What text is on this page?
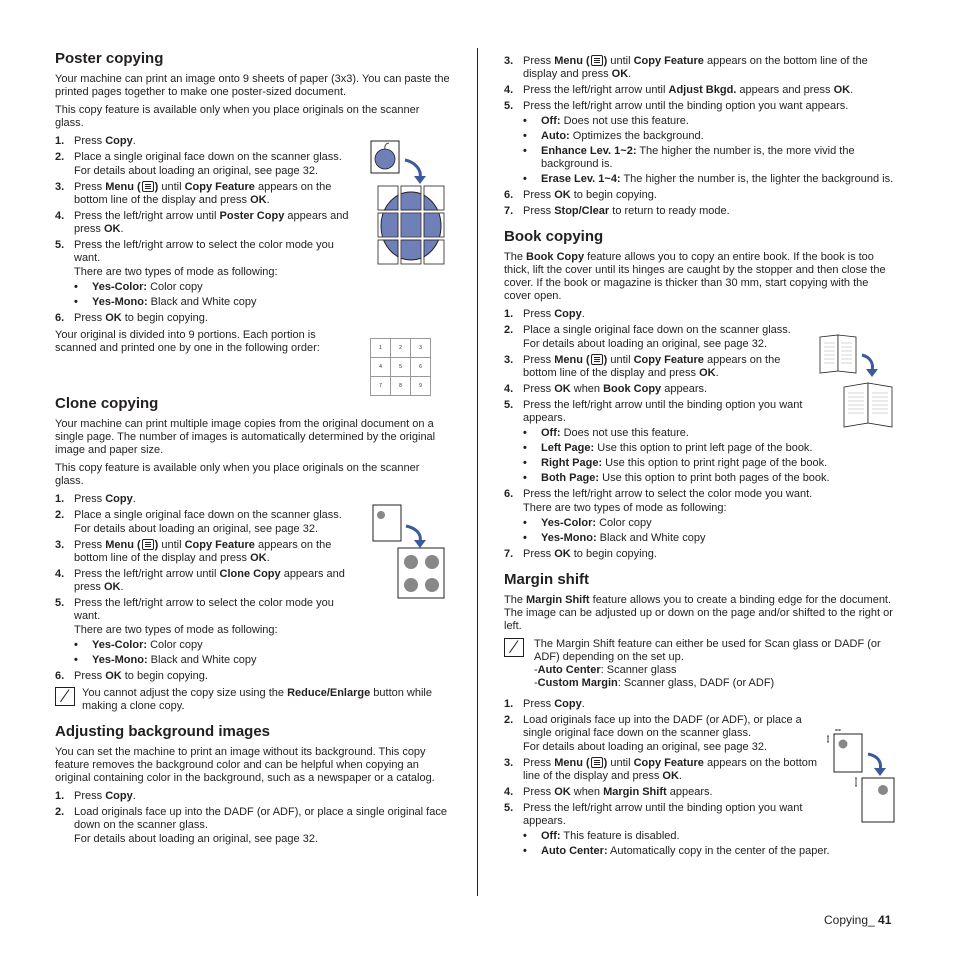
Poster copying

Your machine can print an image onto 9 sheets of paper (3x3). You can paste the printed pages together to make one poster-sized document.

This copy feature is available only when you place originals on the scanner glass.

1. Press Copy.
2. Place a single original face down on the scanner glass.
For details about loading an original, see page 32.
3. Press Menu ( ) until Copy Feature appears on the bottom line of the display and press OK.
4. Press the left/right arrow until Poster Copy appears and press OK.
5. Press the left/right arrow to select the color mode you want.
There are two types of mode as following:
• Yes-Color: Color copy
• Yes-Mono: Black and White copy
6. Press OK to begin copying.

Your original is divided into 9 portions. Each portion is scanned and printed one by one in the following order:

Clone copying

Your machine can print multiple image copies from the original document on a single page. The number of images is automatically determined by the original image and paper size.

This copy feature is available only when you place originals on the scanner glass.

1. Press Copy.
2. Place a single original face down on the scanner glass.
For details about loading an original, see page 32.
3. Press Menu ( ) until Copy Feature appears on the bottom line of the display and press OK.
4. Press the left/right arrow until Clone Copy appears and press OK.
5. Press the left/right arrow to select the color mode you want.
There are two types of mode as following:
• Yes-Color: Color copy
• Yes-Mono: Black and White copy
6. Press OK to begin copying.
You cannot adjust the copy size using the Reduce/Enlarge button while making a clone copy.
Adjusting background images

You can set the machine to print an image without its background. This copy feature removes the background color and can be helpful when copying an original containing color in the background, such as a newspaper or a catalog.

1. Press Copy.
2. Load originals face up into the DADF (or ADF), or place a single original face down on the scanner glass.
For details about loading an original, see page 32.
1	2	3
4	5	6
7	8	9
3. Press Menu ( ) until Copy Feature appears on the bottom line of the display and press OK.
4. Press the left/right arrow until Adjust Bkgd. appears and press OK.
5. Press the left/right arrow until the binding option you want appears.
• Off: Does not use this feature.
• Auto: Optimizes the background.
• Enhance Lev. 1~2: The higher the number is, the more vivid the background is.
• Erase Lev. 1~4: The higher the number is, the lighter the background is.
6. Press OK to begin copying.
7. Press Stop/Clear to return to ready mode.
Book copying

The Book Copy feature allows you to copy an entire book. If the book is too thick, lift the cover until its hinges are caught by the stopper and then close the cover. If the book or magazine is thicker than 30 mm, start copying with the cover open.

1. Press Copy.
2. Place a single original face down on the scanner glass.
For details about loading an original, see page 32.
3. Press Menu ( ) until Copy Feature appears on the bottom line of the display and press OK.
4. Press OK when Book Copy appears.
5. Press the left/right arrow until the binding option you want appears.
• Off: Does not use this feature.
• Left Page: Use this option to print left page of the book.
• Right Page: Use this option to print right page of the book.
• Both Page: Use this option to print both pages of the book.
6. Press the left/right arrow to select the color mode you want.
There are two types of mode as following:
• Yes-Color: Color copy
• Yes-Mono: Black and White copy
7. Press OK to begin copying.
Margin shift

The Margin Shift feature allows you to create a binding edge for the document. The image can be adjusted up or down on the page and/or shifted to the right or left.

The Margin Shift feature can either be used for Scan glass or DADF (or ADF) depending on the set up.
-Auto Center: Scanner glass
-Custom Margin: Scanner glass, DADF (or ADF)
1. Press Copy.
2. Load originals face up into the DADF (or ADF), or place a single original face down on the scanner glass.
For details about loading an original, see page 32.
3. Press Menu ( ) until Copy Feature appears on the bottom line of the display and press OK.
4. Press OK when Margin Shift appears.
5. Press the left/right arrow until the binding option you want appears.
• Off: This feature is disabled.
• Auto Center: Automatically copy in the center of the paper.
Copying_ 41
